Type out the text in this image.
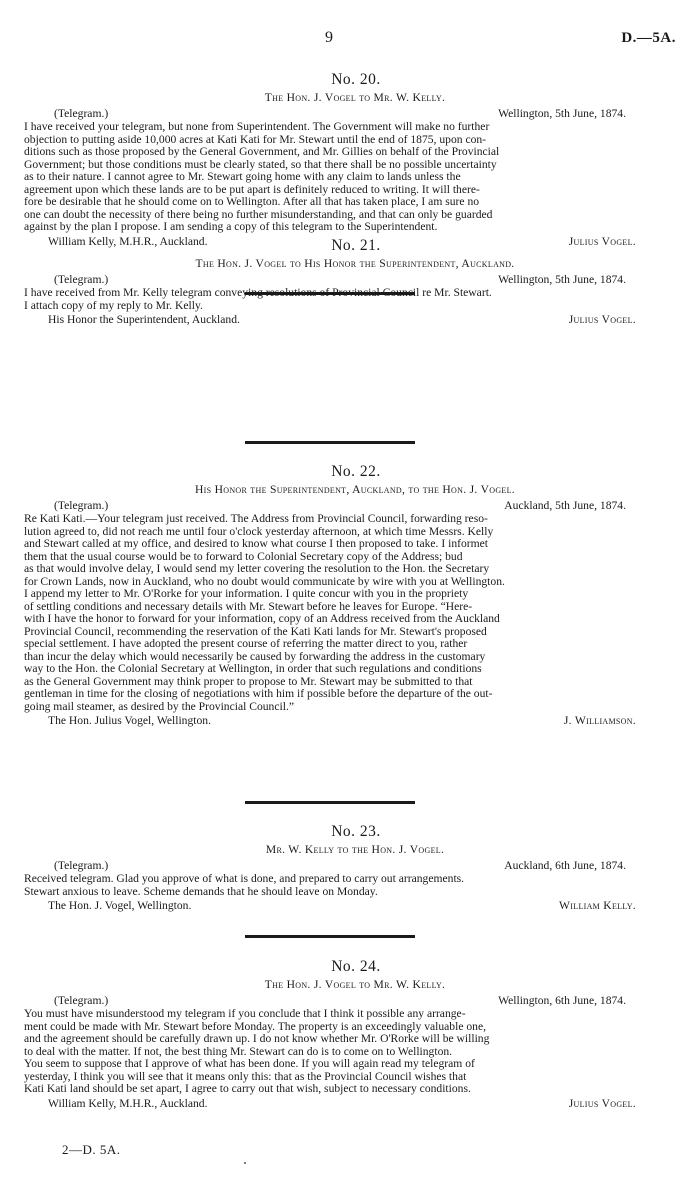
9	D.—5A.
No. 20.
The Hon. J. Vogel to Mr. W. Kelly.
(Telegram.)	Wellington, 5th June, 1874.

I have received your telegram, but none from Superintendent. The Government will make no further

objection to putting aside 10,000 acres at Kati Kati for Mr. Stewart until the end of 1875, upon con-

ditions such as those proposed by the General Government, and Mr. Gillies on behalf of the Provincial

Government; but those conditions must be clearly stated, so that there shall be no possible uncertainty

as to their nature. I cannot agree to Mr. Stewart going home with any claim to lands unless the

agreement upon which these lands are to be put apart is definitely reduced to writing. It will there-

fore be desirable that he should come on to Wellington. After all that has taken place, I am sure no

one can doubt the necessity of there being no further misunderstanding, and that can only be guarded

against by the plan I propose. I am sending a copy of this telegram to the Superintendent.

William Kelly, M.H.R., Auckland.	Julius Vogel.
No. 21.
The Hon. J. Vogel to His Honor the Superintendent, Auckland.
(Telegram.)	Wellington, 5th June, 1874.

I have received from Mr. Kelly telegram conveying resolutions of Provincial Council re Mr. Stewart.

I attach copy of my reply to Mr. Kelly.

His Honor the Superintendent, Auckland.	Julius Vogel.
No. 22.
His Honor the Superintendent, Auckland, to the Hon. J. Vogel.
(Telegram.)	Auckland, 5th June, 1874.

Re Kati Kati.—Your telegram just received. The Address from Provincial Council, forwarding reso-

lution agreed to, did not reach me until four o'clock yesterday afternoon, at which time Messrs. Kelly

and Stewart called at my office, and desired to know what course I then proposed to take. I informet

them that the usual course would be to forward to Colonial Secretary copy of the Address; bud

as that would involve delay, I would send my letter covering the resolution to the Hon. the Secretary

for Crown Lands, now in Auckland, who no doubt would communicate by wire with you at Wellington.

I append my letter to Mr. O'Rorke for your information. I quite concur with you in the propriety

of settling conditions and necessary details with Mr. Stewart before he leaves for Europe. “Here-

with I have the honor to forward for your information, copy of an Address received from the Auckland

Provincial Council, recommending the reservation of the Kati Kati lands for Mr. Stewart's proposed

special settlement. I have adopted the present course of referring the matter direct to you, rather

than incur the delay which would necessarily be caused by forwarding the address in the customary

way to the Hon. the Colonial Secretary at Wellington, in order that such regulations and conditions

as the General Government may think proper to propose to Mr. Stewart may be submitted to that

gentleman in time for the closing of negotiations with him if possible before the departure of the out-

going mail steamer, as desired by the Provincial Council.”

The Hon. Julius Vogel, Wellington.	J. Williamson.
No. 23.
Mr. W. Kelly to the Hon. J. Vogel.
(Telegram.)	Auckland, 6th June, 1874.

Received telegram. Glad you approve of what is done, and prepared to carry out arrangements.

Stewart anxious to leave. Scheme demands that he should leave on Monday.

The Hon. J. Vogel, Wellington.	William Kelly.
No. 24.
The Hon. J. Vogel to Mr. W. Kelly.
(Telegram.)	Wellington, 6th June, 1874.

You must have misunderstood my telegram if you conclude that I think it possible any arrange-

ment could be made with Mr. Stewart before Monday. The property is an exceedingly valuable one,

and the agreement should be carefully drawn up. I do not know whether Mr. O'Rorke will be willing

to deal with the matter. If not, the best thing Mr. Stewart can do is to come on to Wellington.

You seem to suppose that I approve of what has been done. If you will again read my telegram of

yesterday, I think you will see that it means only this: that as the Provincial Council wishes that

Kati Kati land should be set apart, I agree to carry out that wish, subject to necessary conditions.

William Kelly, M.H.R., Auckland.	Julius Vogel.
2—D. 5A.
